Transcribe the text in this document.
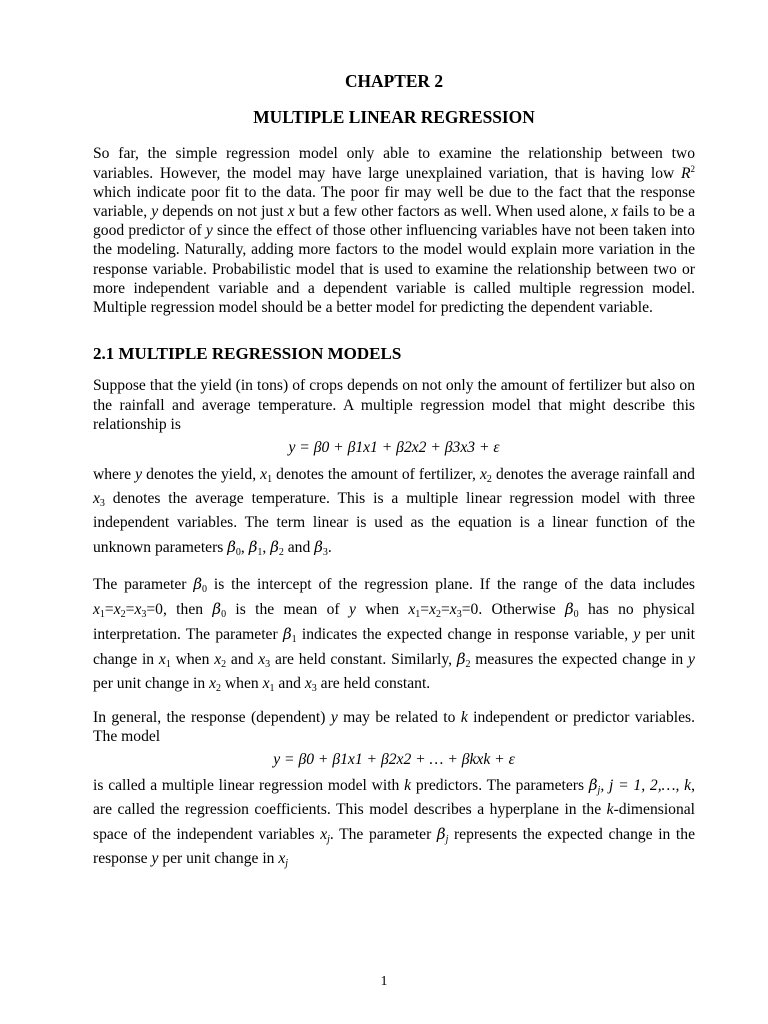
CHAPTER 2
MULTIPLE LINEAR REGRESSION

So far, the simple regression model only able to examine the relationship between two variables. However, the model may have large unexplained variation, that is having low $R^2$ which indicate poor fit to the data. The poor fir may well be due to the fact that the response variable, y depends on not just x but a few other factors as well. When used alone, x fails to be a good predictor of y since the effect of those other influencing variables have not been taken into the modeling. Naturally, adding more factors to the model would explain more variation in the response variable. Probabilistic model that is used to examine the relationship between two or more independent variable and a dependent variable is called multiple regression model. Multiple regression model should be a better model for predicting the dependent variable.

2.1 MULTIPLE REGRESSION MODELS

Suppose that the yield (in tons) of crops depends on not only the amount of fertilizer but also on the rainfall and average temperature. A multiple regression model that might describe this relationship is

y = β0 + β1x1 + β2x2 + β3x3 + ε

where y denotes the yield, $x_1$ denotes the amount of fertilizer, $x_2$ denotes the average rainfall and $x_3$ denotes the average temperature. This is a multiple linear regression model with three independent variables. The term linear is used as the equation is a linear function of the unknown parameters $\beta_0$, $\beta_1$, $\beta_2$ and $\beta_3$.

The parameter $\beta_0$ is the intercept of the regression plane. If the range of the data includes $x_1=x_2=x_3=0$, then $\beta_0$ is the mean of y when $x_1=x_2=x_3=0$. Otherwise $\beta_0$ has no physical interpretation. The parameter $\beta_1$ indicates the expected change in response variable, y per unit change in $x_1$ when $x_2$ and $x_3$ are held constant. Similarly, $\beta_2$ measures the expected change in y per unit change in $x_2$ when $x_1$ and $x_3$ are held constant.

In general, the response (dependent) y may be related to k independent or predictor variables. The model

y = β0 + β1x1 + β2x2 + … + βkxk + ε

is called a multiple linear regression model with k predictors. The parameters $\beta_j$, j = 1, 2,…, k, are called the regression coefficients. This model describes a hyperplane in the k-dimensional space of the independent variables $x_j$. The parameter $\beta_j$ represents the expected change in the response y per unit change in $x_j$

1
